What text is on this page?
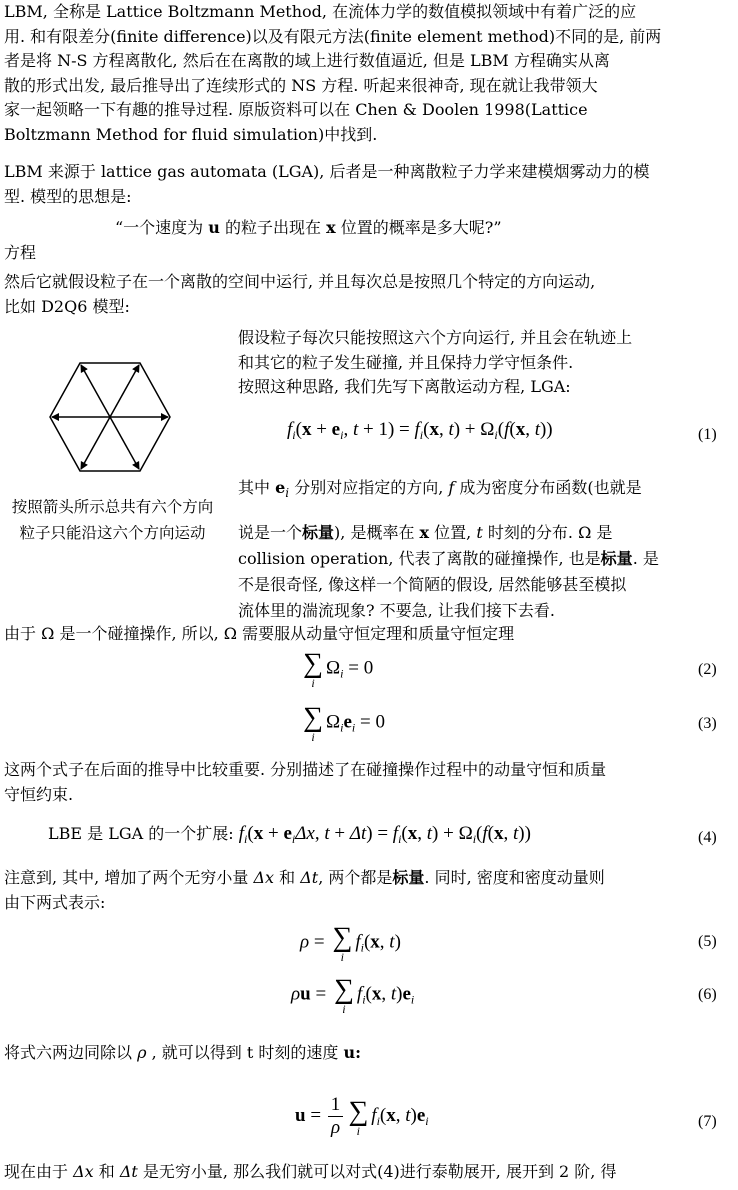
LBM, 全称是 Lattice Boltzmann Method, 在流体力学的数值模拟领域中有着广泛的应
用. 和有限差分(finite difference)以及有限元方法(finite element method)不同的是, 前两
者是将 N-S 方程离散化, 然后在在离散的域上进行数值逼近, 但是 LBM 方程确实从离
散的形式出发, 最后推导出了连续形式的 NS 方程. 听起来很神奇, 现在就让我带领大
家一起领略一下有趣的推导过程. 原版资料可以在 Chen & Doolen 1998(Lattice
Boltzmann Method for fluid simulation)中找到.
LBM 来源于 lattice gas automata (LGA), 后者是一种离散粒子力学来建模烟雾动力的模
型. 模型的思想是:
“一个速度为 u 的粒子出现在 x 位置的概率是多大呢?”
方程
然后它就假设粒子在一个离散的空间中运行, 并且每次总是按照几个特定的方向运动,
比如 D2Q6 模型:
按照箭头所示总共有六个方向粒子只能沿这六个方向运动
假设粒子每次只能按照这六个方向运行, 并且会在轨迹上
和其它的粒子发生碰撞, 并且保持力学守恒条件.
按照这种思路, 我们先写下离散运动方程, LGA:
$f_i(x + e_i$, $t + 1) = f_i(x$, $t) + \Omega_i(f(x$, t))	(1)
其中 $e_i$ 分别对应指定的方向, f 成为密度分布函数(也就是
说是一个标量), 是概率在 x 位置, t 时刻的分布. Ω 是
collision operation, 代表了离散的碰撞操作, 也是标量. 是
不是很奇怪, 像这样一个简陋的假设, 居然能够甚至模拟
流体里的湍流现象? 不要急, 让我们接下去看.
由于 Ω 是一个碰撞操作, 所以, Ω 需要服从动量守恒定理和质量守恒定理
∑
i
$\Omega_i = 0$	(2)
∑
i
$\Omega_ie_i = 0$	(3)
这两个式子在后面的推导中比较重要. 分别描述了在碰撞操作过程中的动量守恒和质量
守恒约束.
LBE 是 LGA 的一个扩展: $f_i(x + e_i\Delta x$, $t + \Delta t) = f_i(x$, $t) + \Omega_i(f(x$, t))	(4)
注意到, 其中, 增加了两个无穷小量 Δx 和 Δt, 两个都是标量. 同时, 密度和密度动量则
由下两式表示:
ρ = ∑
i
$f_i(x$, t)	(5)
ρu = ∑
i
$f_i(x$, $t)e_i$	(6)
将式六两边同除以 ρ , 就可以得到 t 时刻的速度 u:
$u = \frac{1}{\rho}$ ∑
i
$f_i(x$, $t)e_i$	(7)
现在由于 Δx 和 Δt 是无穷小量, 那么我们就可以对式(4)进行泰勒展开, 展开到 2 阶, 得
